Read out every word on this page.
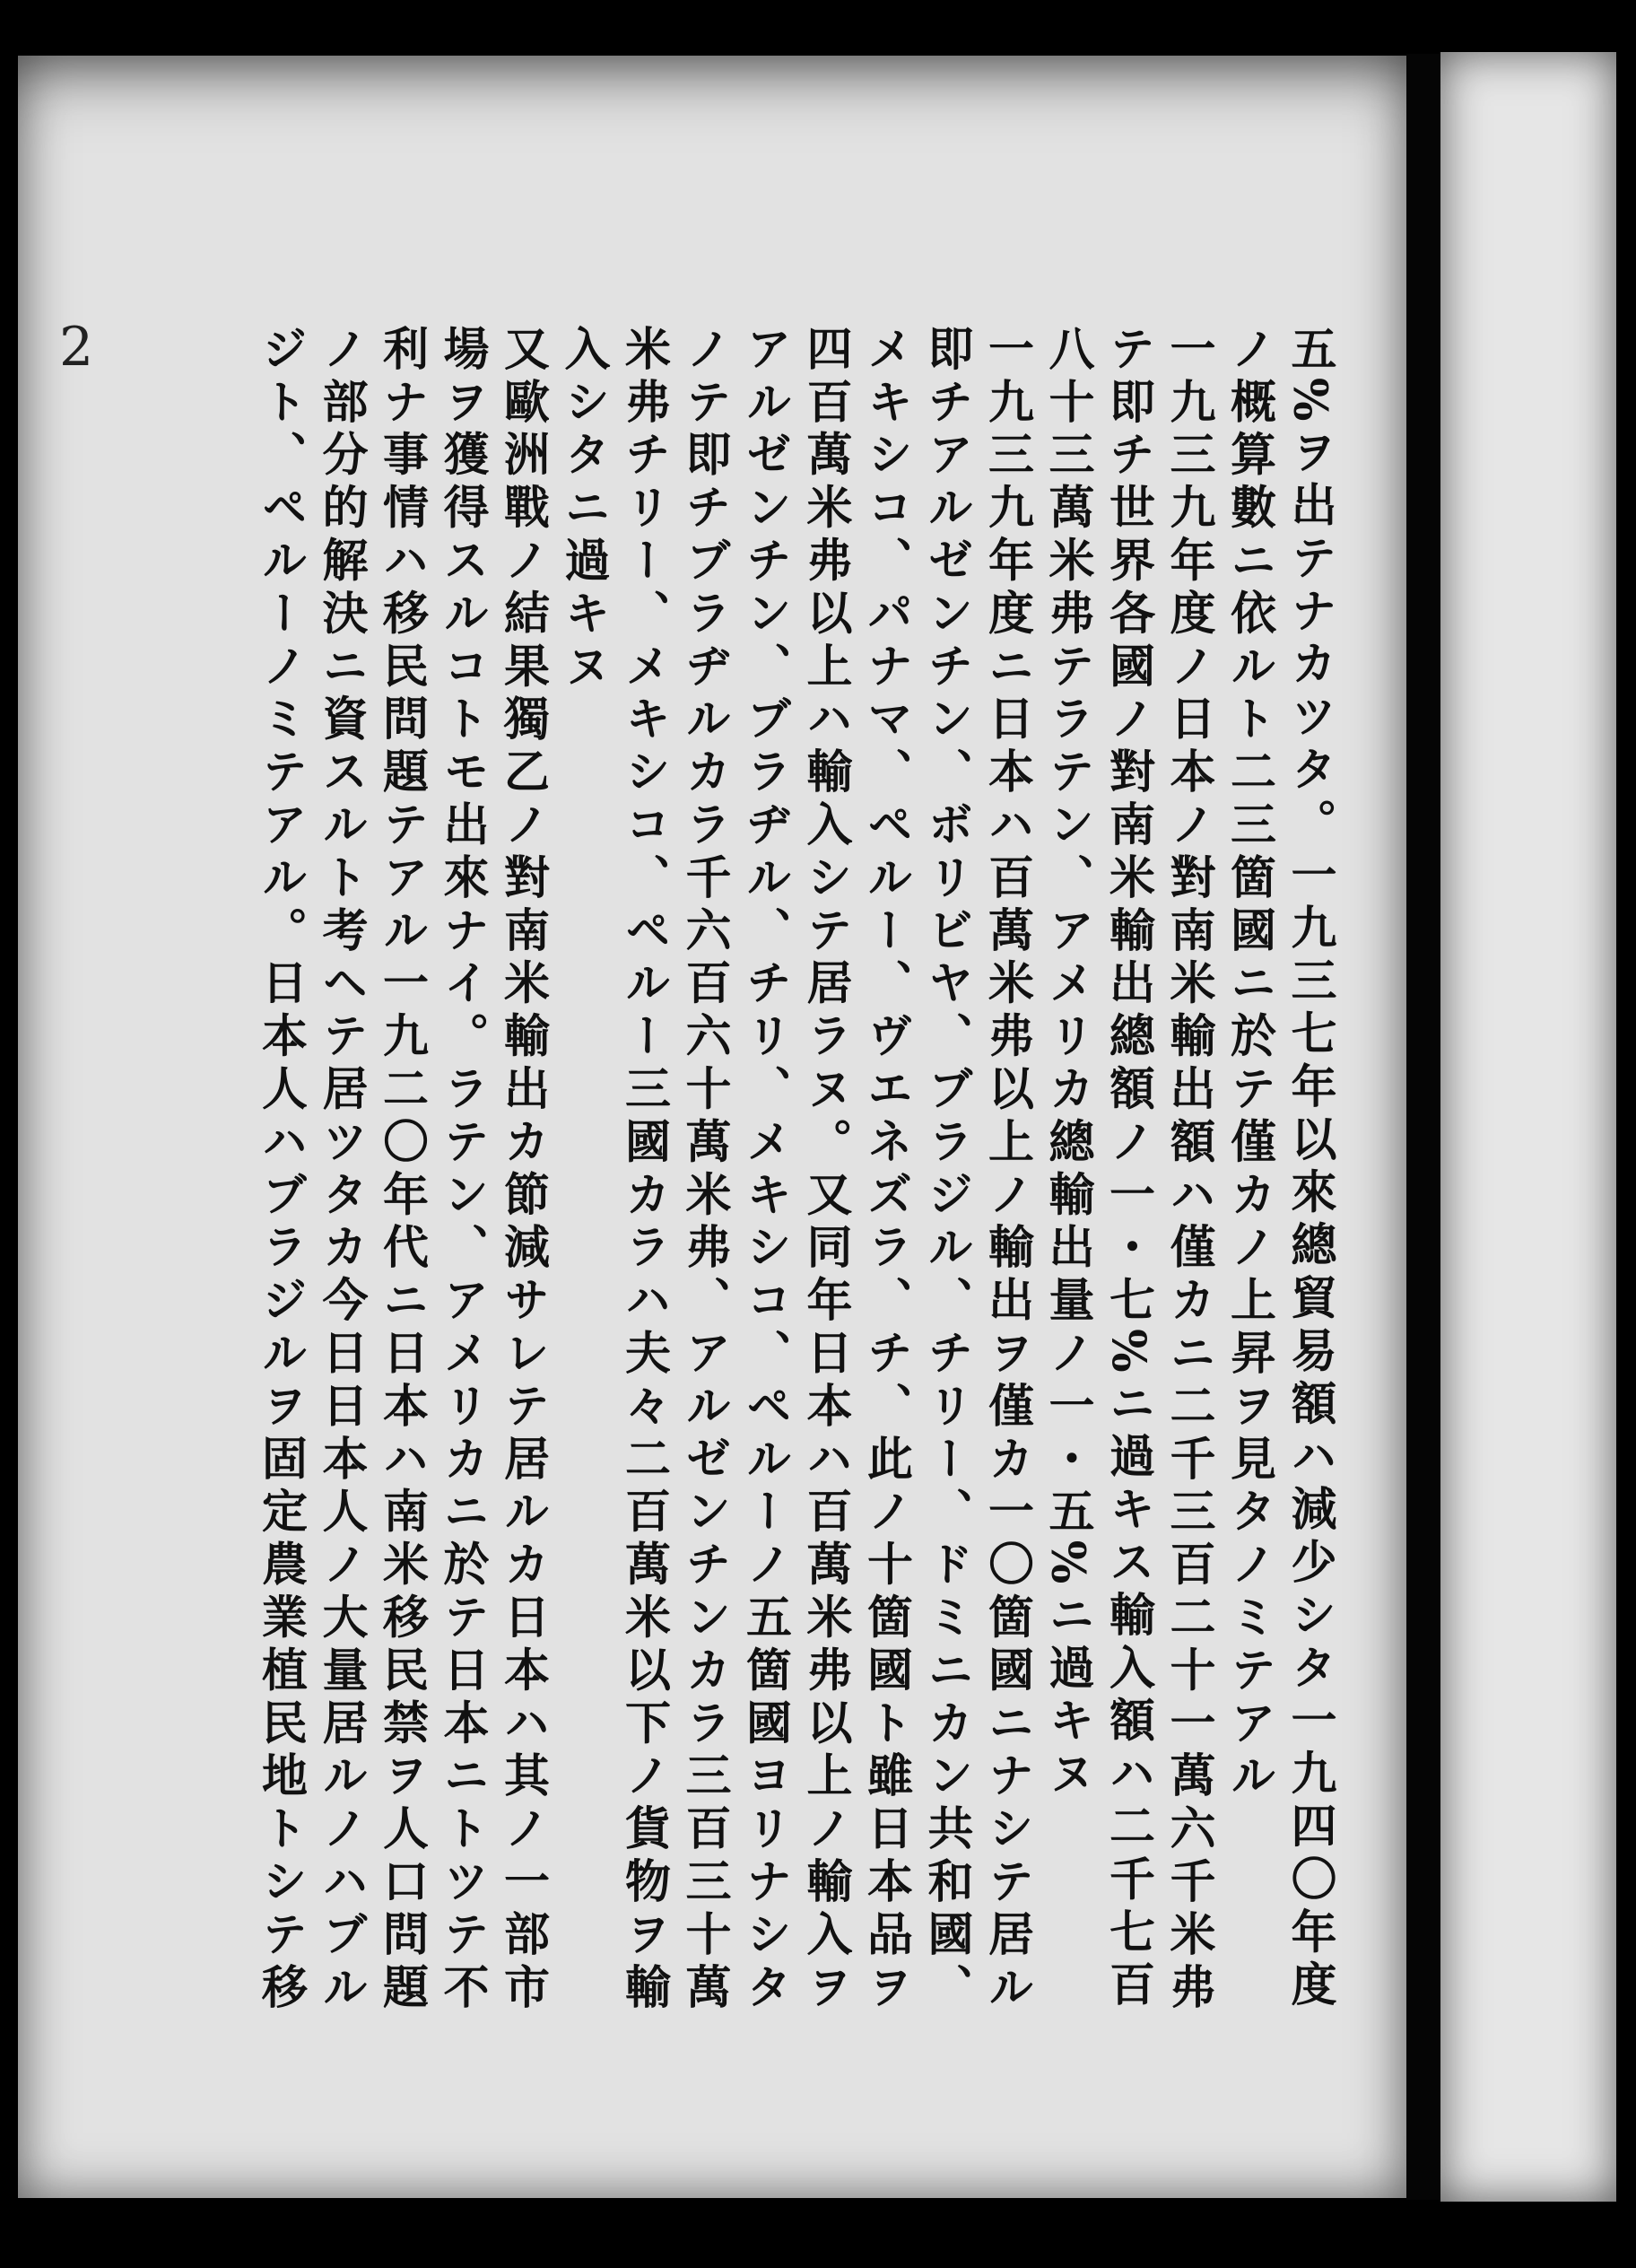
2	五%ヲ出テナカツタ。一九三七年以來總貿易額ハ減少シタ一九四〇年度
ノ概算數ニ依ルト二三箇國ニ於テ僅カノ上昇ヲ見タノミテアル
一九三九年度ノ日本ノ對南米輸出額ハ僅カニ二千三百二十一萬六千米弗
テ即チ世界各國ノ對南米輸出總額ノ一・七%ニ過キス輸入額ハ二千七百
八十三萬米弗テラテン、アメリカ總輸出量ノ一・五%ニ過キヌ
一九三九年度ニ日本ハ百萬米弗以上ノ輸出ヲ僅カ一〇箇國ニナシテ居ル
即チアルゼンチン、ボリビヤ、ブラジル、チリー、ドミニカン共和國、
メキシコ、パナマ、ペルー、ヴエネズラ、チ、此ノ十箇國ト雖日本品ヲ
四百萬米弗以上ハ輸入シテ居ラヌ。又同年日本ハ百萬米弗以上ノ輸入ヲ
アルゼンチン、ブラヂル、チリ、メキシコ、ペルーノ五箇國ヨリナシタ
ノテ即チブラヂルカラ千六百六十萬米弗、アルゼンチンカラ三百三十萬
米弗チリー、メキシコ、ペルー三國カラハ夫々二百萬米以下ノ貨物ヲ輸
入シタニ過キヌ
又歐洲戰ノ結果獨乙ノ對南米輸出カ節減サレテ居ルカ日本ハ其ノ一部市
場ヲ獲得スルコトモ出來ナイ。ラテン、アメリカニ於テ日本ニトツテ不
利ナ事情ハ移民問題テアル一九二〇年代ニ日本ハ南米移民禁ヲ人口問題
ノ部分的解決ニ資スルト考ヘテ居ツタカ今日日本人ノ大量居ルノハブル
ジト、ペルーノミテアル。日本人ハブラジルヲ固定農業植民地トシテ移
